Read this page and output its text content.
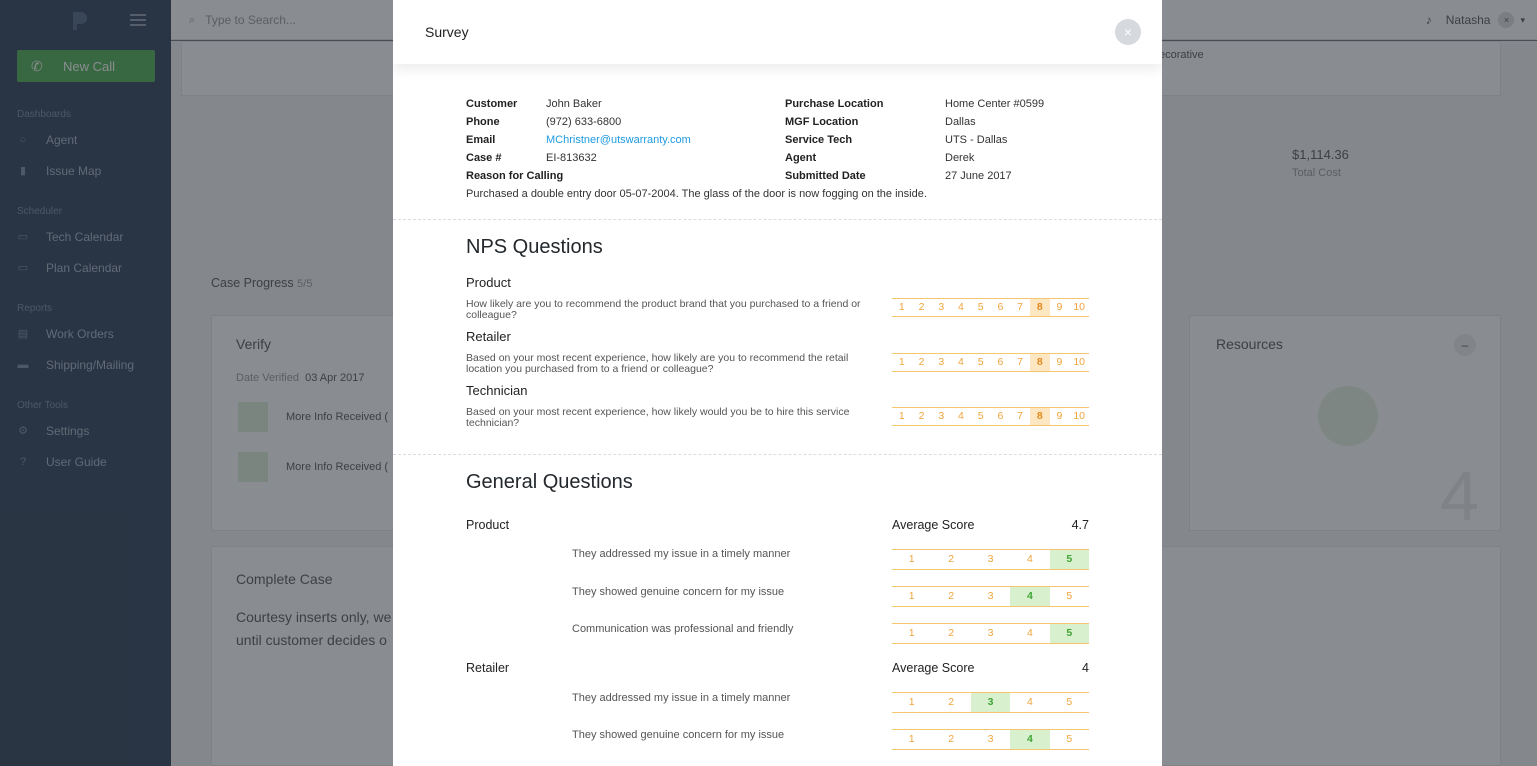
Survey	×
Customer	John Baker
Phone	(972) 633-6800
Email	MChristner@utswarranty.com
Case #	EI-813632
Reason for Calling
Purchased a double entry door 05-07-2004. The glass of the door is now fogging on the inside.
Purchase Location	Home Center #0599
MGF Location	Dallas
Service Tech	UTS - Dallas
Agent	Derek
Submitted Date	27 June 2017
NPS Questions
Product
How likely are you to recommend the product brand that you purchased to a friend or colleague?
1	2	3	4	5	6	7	8	9	10
Retailer
Based on your most recent experience, how likely are you to recommend the retail location you purchased from to a friend or colleague?
1	2	3	4	5	6	7	8	9	10
Technician
Based on your most recent experience, how likely would you be to hire this service technician?
1	2	3	4	5	6	7	8	9	10
General Questions
Product	Average Score	4.7
They addressed my issue in a timely manner	1	2	3	4	5
They showed genuine concern for my issue	1	2	3	4	5
Communication was professional and friendly	1	2	3	4	5
Retailer	Average Score	4
They addressed my issue in a timely manner	1	2	3	4	5
They showed genuine concern for my issue	1	2	3	4	5
